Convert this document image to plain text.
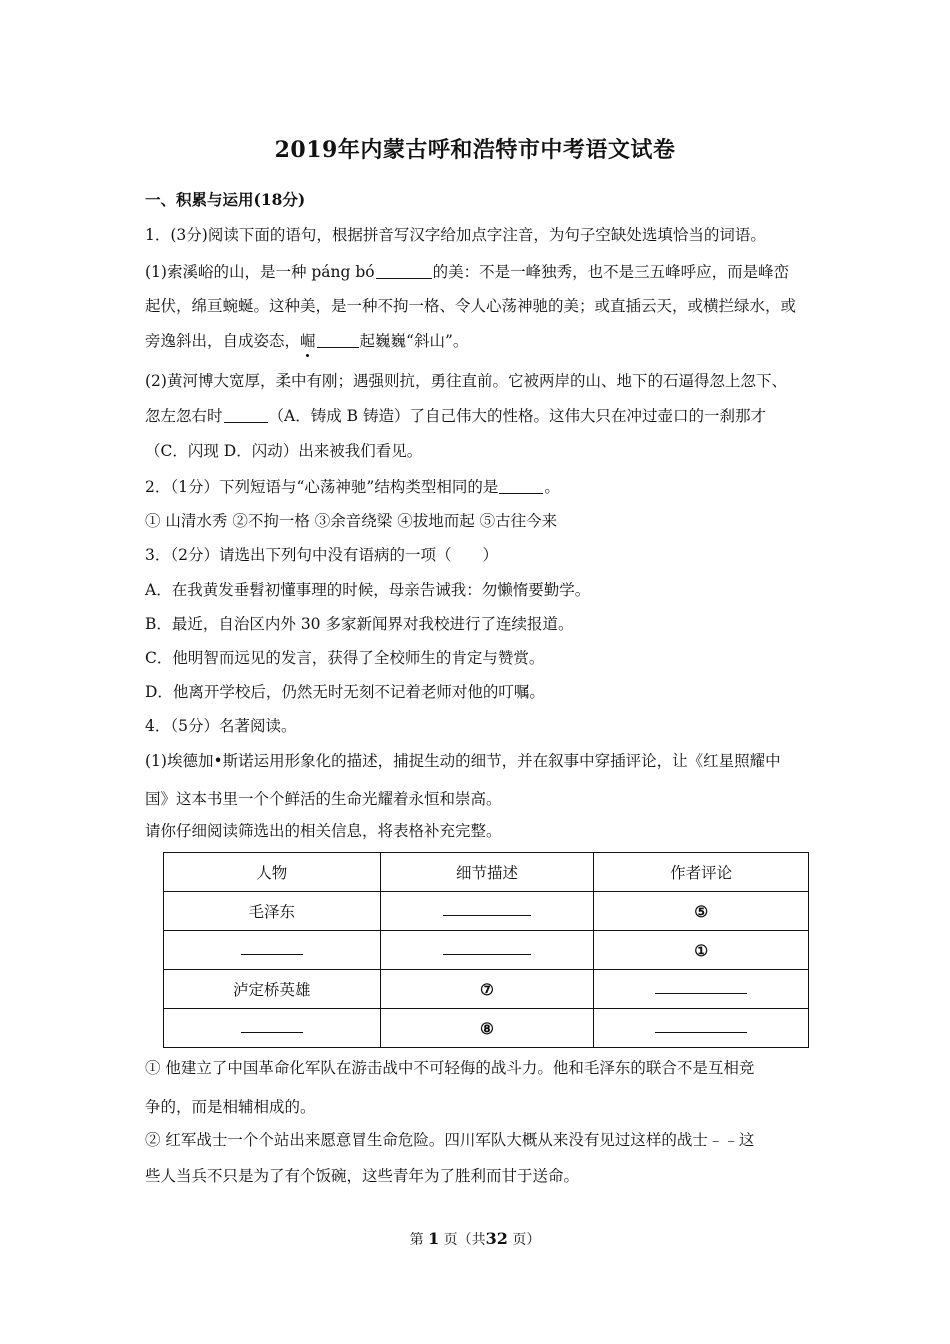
2019年内蒙古呼和浩特市中考语文试卷
一、积累与运用(18分)
1．(3分)阅读下面的语句，根据拼音写汉字给加点字注音，为句子空缺处选填恰当的词语。
(1)索溪峪的山，是一种 páng bó	的美：不是一峰独秀，也不是三五峰呼应，而是峰峦
起伏，绵亘蜿蜒。这种美，是一种不拘一格、令人心荡神驰的美；或直插云天，或横拦绿水，或
旁逸斜出，自成姿态，崛	起巍巍“斜山”。
(2)黄河博大宽厚，柔中有刚；遇强则抗，勇往直前。它被两岸的山、地下的石逼得忽上忽下、
忽左忽右时	（A．铸成 B 铸造）了自己伟大的性格。这伟大只在冲过壶口的一刹那才
（C．闪现 D．闪动）出来被我们看见。
2．（1分）下列短语与“心荡神驰”结构类型相同的是	。
① 山清水秀 ②不拘一格 ③余音绕梁 ④拔地而起 ⑤古往今来
3．（2分）请选出下列句中没有语病的一项（　　）
A．在我黄发垂髫初懂事理的时候，母亲告诫我：勿懒惰要勤学。
B．最近，自治区内外 30 多家新闻界对我校进行了连续报道。
C．他明智而远见的发言，获得了全校师生的肯定与赞赏。
D．他离开学校后，仍然无时无刻不记着老师对他的叮嘱。
4．（5分）名著阅读。
(1)埃德加•斯诺运用形象化的描述，捕捉生动的细节，并在叙事中穿插评论，让《红星照耀中
国》这本书里一个个鲜活的生命光耀着永恒和崇高。
请你仔细阅读筛选出的相关信息，将表格补充完整。
人物	细节描述	作者评论
毛泽东		⑤
		①
泸定桥英雄	⑦	
	⑧	
① 他建立了中国革命化军队在游击战中不可轻侮的战斗力。他和毛泽东的联合不是互相竞
争的，而是相辅相成的。
② 红军战士一个个站出来愿意冒生命危险。四川军队大概从来没有见过这样的战士﹣﹣这
些人当兵不只是为了有个饭碗，这些青年为了胜利而甘于送命。
第 1 页（共32 页）
